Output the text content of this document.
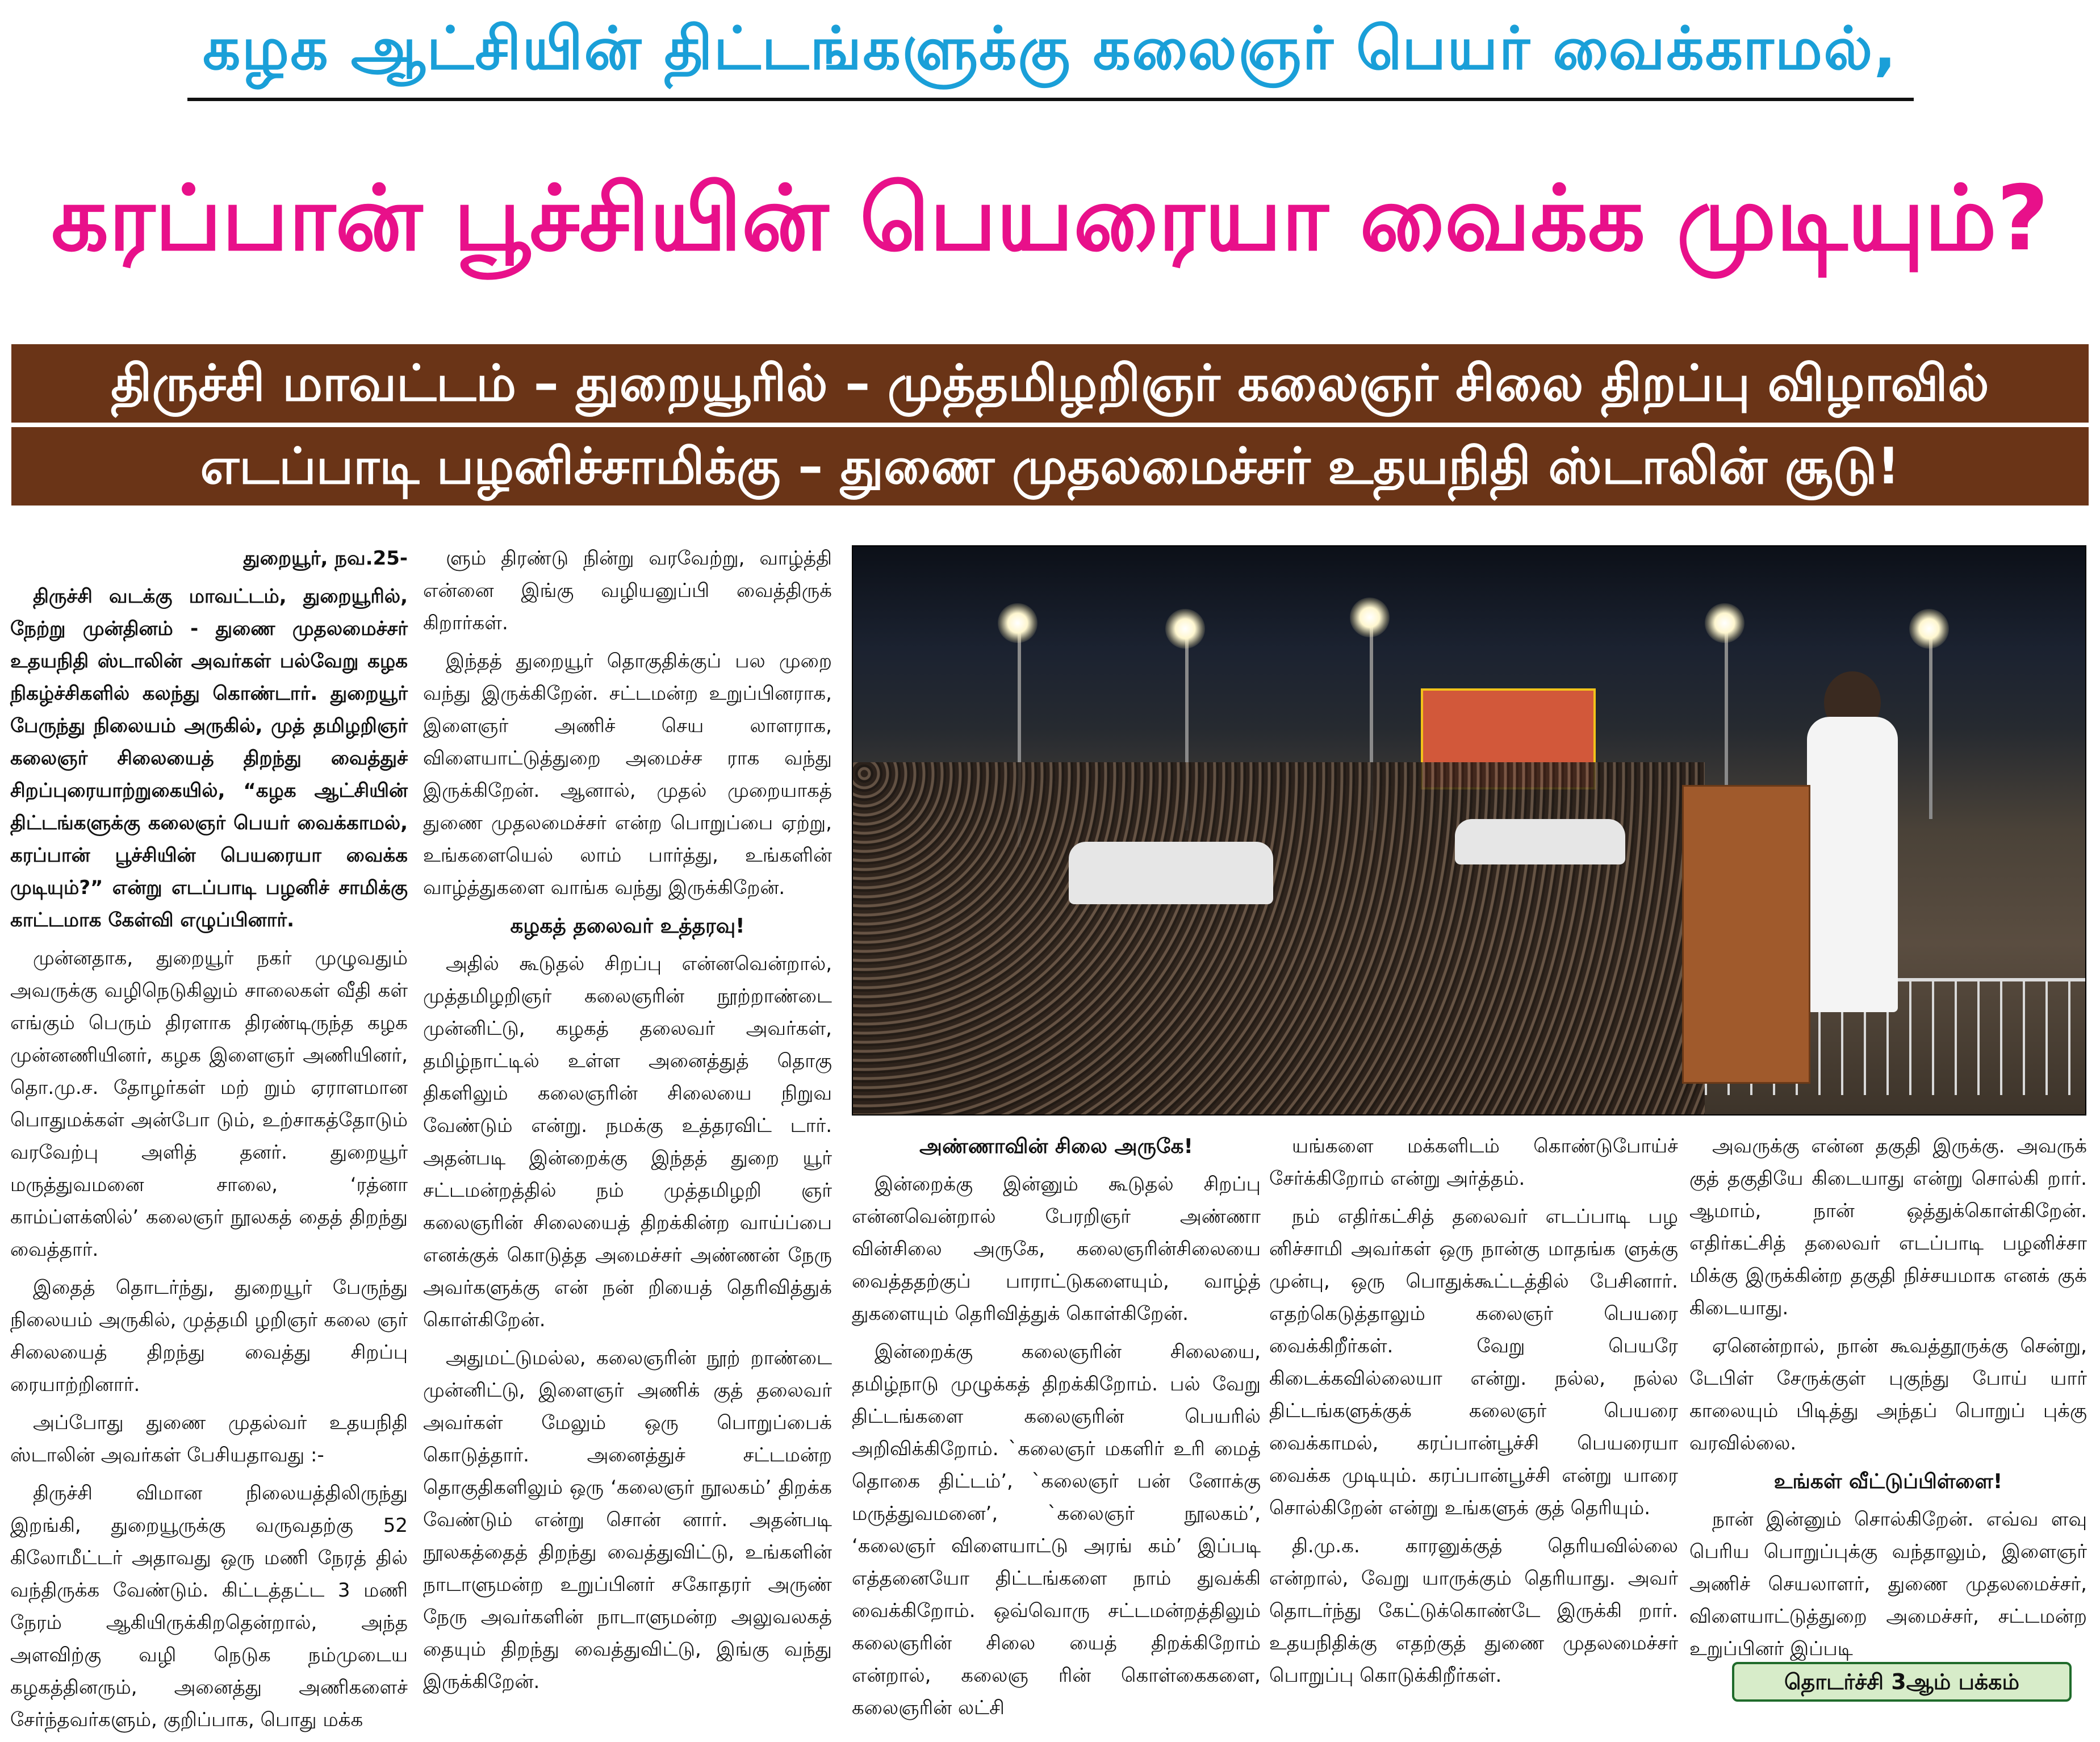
கழக ஆட்சியின் திட்டங்களுக்கு கலைஞர் பெயர் வைக்காமல்,
கரப்பான் பூச்சியின் பெயரையா வைக்க முடியும்?
திருச்சி மாவட்டம் – துறையூரில் – முத்தமிழறிஞர் கலைஞர் சிலை திறப்பு விழாவில்
எடப்பாடி பழனிச்சாமிக்கு – துணை முதலமைச்சர் உதயநிதி ஸ்டாலின் சூடு!

துறையூர், நவ.25-

திருச்சி வடக்கு மாவட்டம், துறையூரில், நேற்று முன்தினம் - துணை முதலமைச்சர் உதயநிதி ஸ்டாலின் அவர்கள் பல்வேறு கழக நிகழ்ச்சிகளில் கலந்து கொண்டார். துறையூர் பேருந்து நிலையம் அருகில், முத் தமிழறிஞர் கலைஞர் சிலையைத் திறந்து வைத்துச் சிறப்புரையாற்றுகையில், “கழக ஆட்சியின் திட்டங்களுக்கு கலைஞர் பெயர் வைக்காமல், கரப்பான் பூச்சியின் பெயரையா வைக்க முடியும்?” என்று எடப்பாடி பழனிச் சாமிக்கு காட்டமாக கேள்வி எழுப்பினார்.

முன்னதாக, துறையூர் நகர் முழுவதும் அவருக்கு வழிநெடுகிலும் சாலைகள் வீதி கள் எங்கும் பெரும் திரளாக திரண்டிருந்த கழக முன்னணியினர், கழக இளைஞர் அணியினர், தொ.மு.ச. தோழர்கள் மற் றும் ஏராளமான பொதுமக்கள் அன்போ டும், உற்சாகத்தோடும் வரவேற்பு அளித் தனர். துறையூர் மருத்துவமனை சாலை, ‘ரத்னா காம்ப்ளக்ஸில்’ கலைஞர் நூலகத் தைத் திறந்து வைத்தார்.

இதைத் தொடர்ந்து, துறையூர் பேருந்து நிலையம் அருகில், முத்தமி ழறிஞர் கலை ஞர் சிலையைத் திறந்து வைத்து சிறப்பு ரையாற்றினார்.

அப்போது துணை முதல்வர் உதயநிதி ஸ்டாலின் அவர்கள் பேசியதாவது :-

திருச்சி விமான நிலையத்திலிருந்து இறங்கி, துறையூருக்கு வருவதற்கு 52 கிலோமீட்டர் அதாவது ஒரு மணி நேரத் தில் வந்திருக்க வேண்டும். கிட்டத்தட்ட 3 மணி நேரம் ஆகியிருக்கிறதென்றால், அந்த அளவிற்கு வழி நெடுக நம்முடைய கழகத்தினரும், அனைத்து அணிகளைச் சேர்ந்தவர்களும், குறிப்பாக, பொது மக்க

ளும் திரண்டு நின்று வரவேற்று, வாழ்த்தி என்னை இங்கு வழியனுப்பி வைத்திருக் கிறார்கள்.

இந்தத் துறையூர் தொகுதிக்குப் பல முறை வந்து இருக்கிறேன். சட்டமன்ற உறுப்பினராக, இளைஞர் அணிச் செய லாளராக, விளையாட்டுத்துறை அமைச்ச ராக வந்து இருக்கிறேன். ஆனால், முதல் முறையாகத் துணை முதலமைச்சர் என்ற பொறுப்பை ஏற்று, உங்களையெல் லாம் பார்த்து, உங்களின் வாழ்த்துகளை வாங்க வந்து இருக்கிறேன்.

கழகத் தலைவர் உத்தரவு!

அதில் கூடுதல் சிறப்பு என்னவென்றால், முத்தமிழறிஞர் கலைஞரின் நூற்றாண்டை முன்னிட்டு, கழகத் தலைவர் அவர்கள், தமிழ்நாட்டில் உள்ள அனைத்துத் தொகு திகளிலும் கலைஞரின் சிலையை நிறுவ வேண்டும் என்று. நமக்கு உத்தரவிட் டார். அதன்படி இன்றைக்கு இந்தத் துறை யூர் சட்டமன்றத்தில் நம் முத்தமிழறி ஞர் கலைஞரின் சிலையைத் திறக்கின்ற வாய்ப்பை எனக்குக் கொடுத்த அமைச்சர் அண்ணன் நேரு அவர்களுக்கு என் நன் றியைத் தெரிவித்துக் கொள்கிறேன்.

அதுமட்டுமல்ல, கலைஞரின் நூற் றாண்டை முன்னிட்டு, இளைஞர் அணிக் குத் தலைவர் அவர்கள் மேலும் ஒரு பொறுப்பைக் கொடுத்தார். அனைத்துச் சட்டமன்ற தொகுதிகளிலும் ஒரு ‘கலைஞர் நூலகம்’ திறக்க வேண்டும் என்று சொன் னார். அதன்படி நூலகத்தைத் திறந்து வைத்துவிட்டு, உங்களின் நாடாளுமன்ற உறுப்பினர் சகோதரர் அருண் நேரு அவர்களின் நாடாளுமன்ற அலுவலகத் தையும் திறந்து வைத்துவிட்டு, இங்கு வந்து இருக்கிறேன்.

அண்ணாவின் சிலை அருகே!

இன்றைக்கு இன்னும் கூடுதல் சிறப்பு என்னவென்றால் பேரறிஞர் அண்ணா வின்சிலை அருகே, கலைஞரின்சிலையை வைத்ததற்குப் பாராட்டுகளையும், வாழ்த் துகளையும் தெரிவித்துக் கொள்கிறேன்.

இன்றைக்கு கலைஞரின் சிலையை, தமிழ்நாடு முழுக்கத் திறக்கிறோம். பல் வேறு திட்டங்களை கலைஞரின் பெயரில் அறிவிக்கிறோம். `கலைஞர் மகளிர் உரி மைத் தொகை திட்டம்’, `கலைஞர் பன் னோக்கு மருத்துவமனை’, `கலைஞர் நூலகம்’, ‘கலைஞர் விளையாட்டு அரங் கம்’ இப்படி எத்தனையோ திட்டங்களை நாம் துவக்கி வைக்கிறோம். ஒவ்வொரு சட்டமன்றத்திலும் கலைஞரின் சிலை யைத் திறக்கிறோம் என்றால், கலைஞ ரின் கொள்கைகளை, கலைஞரின் லட்சி

யங்களை மக்களிடம் கொண்டுபோய்ச் சேர்க்கிறோம் என்று அர்த்தம்.

நம் எதிர்கட்சித் தலைவர் எடப்பாடி பழ னிச்சாமி அவர்கள் ஒரு நான்கு மாதங்க ளுக்கு முன்பு, ஒரு பொதுக்கூட்டத்தில் பேசினார். எதற்கெடுத்தாலும் கலைஞர் பெயரை வைக்கிறீர்கள். வேறு பெயரே கிடைக்கவில்லையா என்று. நல்ல, நல்ல திட்டங்களுக்குக் கலைஞர் பெயரை வைக்காமல், கரப்பான்பூச்சி பெயரையா வைக்க முடியும். கரப்பான்பூச்சி என்று யாரை சொல்கிறேன் என்று உங்களுக் குத் தெரியும்.

தி.மு.க. காரனுக்குத் தெரியவில்லை என்றால், வேறு யாருக்கும் தெரியாது. அவர் தொடர்ந்து கேட்டுக்கொண்டே இருக்கி றார். உதயநிதிக்கு எதற்குத் துணை முதலமைச்சர் பொறுப்பு கொடுக்கிறீர்கள்.

அவருக்கு என்ன தகுதி இருக்கு. அவருக் குத் தகுதியே கிடையாது என்று சொல்கி றார். ஆமாம், நான் ஒத்துக்கொள்கிறேன். எதிர்கட்சித் தலைவர் எடப்பாடி பழனிச்சா மிக்கு இருக்கின்ற தகுதி நிச்சயமாக எனக் குக் கிடையாது.

ஏனென்றால், நான் கூவத்தூருக்கு சென்று, டேபிள் சேருக்குள் புகுந்து போய் யார் காலையும் பிடித்து அந்தப் பொறுப் புக்கு வரவில்லை.

உங்கள் வீட்டுப்பிள்ளை!

நான் இன்னும் சொல்கிறேன். எவ்வ ளவு பெரிய பொறுப்புக்கு வந்தாலும், இளைஞர் அணிச் செயலாளர், துணை முதலமைச்சர், விளையாட்டுத்துறை அமைச்சர், சட்டமன்ற உறுப்பினர் இப்படி

தொடர்ச்சி 3ஆம் பக்கம்
